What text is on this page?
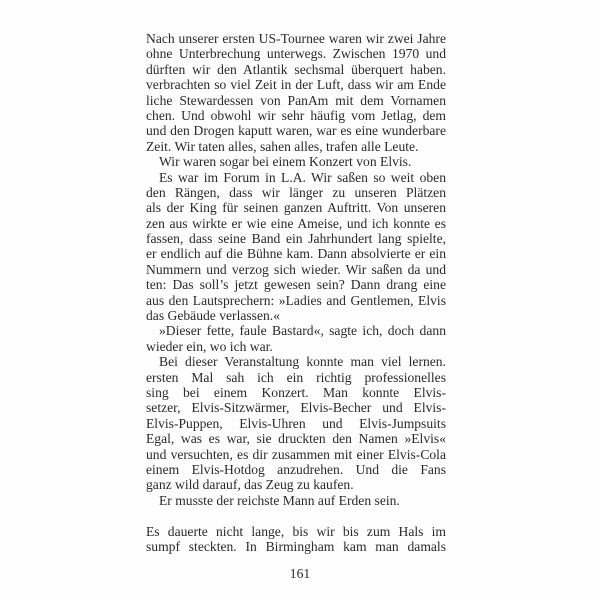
Nach unserer ersten US-Tournee waren wir zwei Jahre
ohne Unterbrechung unterwegs. Zwischen 1970 und
dürften wir den Atlantik sechsmal überquert haben.
verbrachten so viel Zeit in der Luft, dass wir am Ende
liche Stewardessen von PanAm mit dem Vornamen
chen. Und obwohl wir sehr häufig vom Jetlag, dem
und den Drogen kaputt waren, war es eine wunderbare
Zeit. Wir taten alles, sahen alles, trafen alle Leute.
Wir waren sogar bei einem Konzert von Elvis.
Es war im Forum in L.A. Wir saßen so weit oben
den Rängen, dass wir länger zu unseren Plätzen
als der King für seinen ganzen Auftritt. Von unseren
zen aus wirkte er wie eine Ameise, und ich konnte es
fassen, dass seine Band ein Jahrhundert lang spielte,
er endlich auf die Bühne kam. Dann absolvierte er ein
Nummern und verzog sich wieder. Wir saßen da und
ten: Das soll’s jetzt gewesen sein? Dann drang eine
aus den Lautsprechern: »Ladies and Gentlemen, Elvis
das Gebäude verlassen.«
»Dieser fette, faule Bastard«, sagte ich, doch dann
wieder ein, wo ich war.
Bei dieser Veranstaltung konnte man viel lernen.
ersten Mal sah ich ein richtig professionelles
sing bei einem Konzert. Man konnte Elvis-
setzer, Elvis-Sitzwärmer, Elvis-Becher und Elvis-
Elvis-Puppen, Elvis-Uhren und Elvis-Jumpsuits
Egal, was es war, sie druckten den Namen »Elvis«
und versuchten, es dir zusammen mit einer Elvis-Cola
einem Elvis-Hotdog anzudrehen. Und die Fans
ganz wild darauf, das Zeug zu kaufen.
Er musste der reichste Mann auf Erden sein.
Es dauerte nicht lange, bis wir bis zum Hals im
sumpf steckten. In Birmingham kam man damals
161
